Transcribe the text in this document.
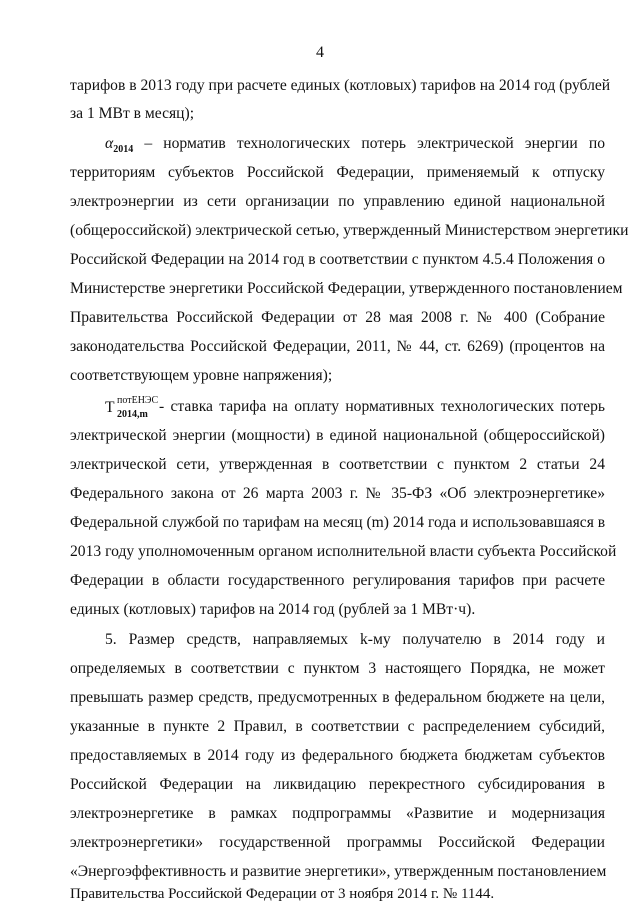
4
тарифов в 2013 году при расчете единых (котловых) тарифов на 2014 год (рублей
за 1 МВт в месяц);
$\alpha_{2014}$ – норматив технологических потерь электрической энергии по
территориям субъектов Российской Федерации, применяемый к отпуску
электроэнергии из сети организации по управлению единой национальной
(общероссийской) электрической сетью, утвержденный Министерством энергетики
Российской Федерации на 2014 год в соответствии с пунктом 4.5.4 Положения о
Министерстве энергетики Российской Федерации, утвержденного постановлением
Правительства Российской Федерации от 28 мая 2008 г. № 400 (Собрание
законодательства Российской Федерации, 2011, № 44, ст. 6269) (процентов на
соответствующем уровне напряжения);
T потЕНЭС
2014,m - ставка тарифа на оплату нормативных технологических потерь
электрической энергии (мощности) в единой национальной (общероссийской)
электрической сети, утвержденная в соответствии с пунктом 2 статьи 24
Федерального закона от 26 марта 2003 г. № 35-ФЗ «Об электроэнергетике»
Федеральной службой по тарифам на месяц (m) 2014 года и использовавшаяся в
2013 году уполномоченным органом исполнительной власти субъекта Российской
Федерации в области государственного регулирования тарифов при расчете
единых (котловых) тарифов на 2014 год (рублей за 1 МВт·ч).
5. Размер средств, направляемых k-му получателю в 2014 году и
определяемых в соответствии с пунктом 3 настоящего Порядка, не может
превышать размер средств, предусмотренных в федеральном бюджете на цели,
указанные в пункте 2 Правил, в соответствии с распределением субсидий,
предоставляемых в 2014 году из федерального бюджета бюджетам субъектов
Российской Федерации на ликвидацию перекрестного субсидирования в
электроэнергетике в рамках подпрограммы «Развитие и модернизация
электроэнергетики» государственной программы Российской Федерации
«Энергоэффективность и развитие энергетики», утвержденным постановлением
Правительства Российской Федерации от 3 ноября 2014 г. № 1144.
